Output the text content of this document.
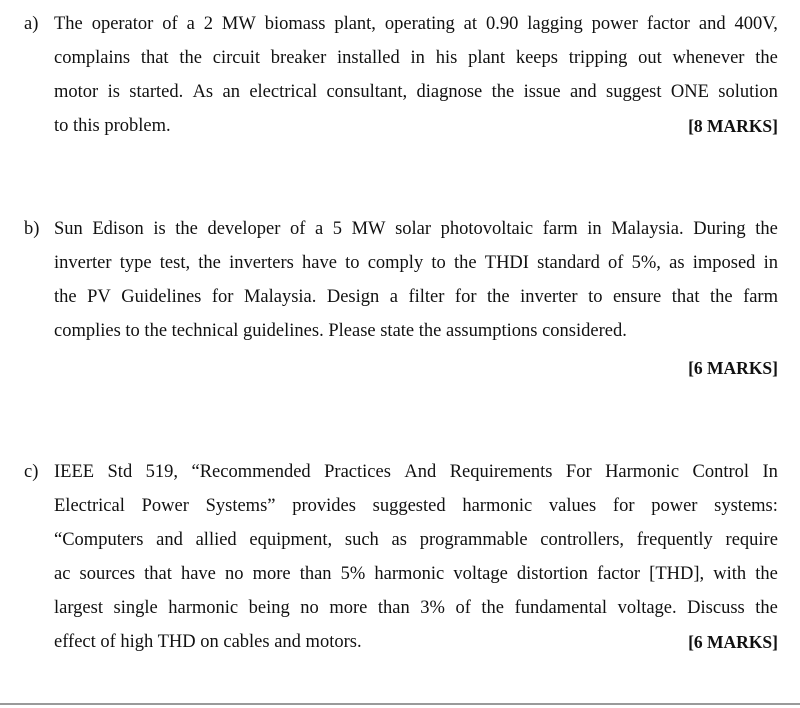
a) The operator of a 2 MW biomass plant, operating at 0.90 lagging power factor and 400V,
complains that the circuit breaker installed in his plant keeps tripping out whenever the
motor is started. As an electrical consultant, diagnose the issue and suggest ONE solution
to this problem.	[8 MARKS]
b) Sun Edison is the developer of a 5 MW solar photovoltaic farm in Malaysia. During the
inverter type test, the inverters have to comply to the THDI standard of 5%, as imposed in
the PV Guidelines for Malaysia. Design a filter for the inverter to ensure that the farm
complies to the technical guidelines. Please state the assumptions considered.
[6 MARKS]
c) IEEE Std 519, “Recommended Practices And Requirements For Harmonic Control In
Electrical Power Systems” provides suggested harmonic values for power systems:
“Computers and allied equipment, such as programmable controllers, frequently require
ac sources that have no more than 5% harmonic voltage distortion factor [THD], with the
largest single harmonic being no more than 3% of the fundamental voltage. Discuss the
effect of high THD on cables and motors.	[6 MARKS]
